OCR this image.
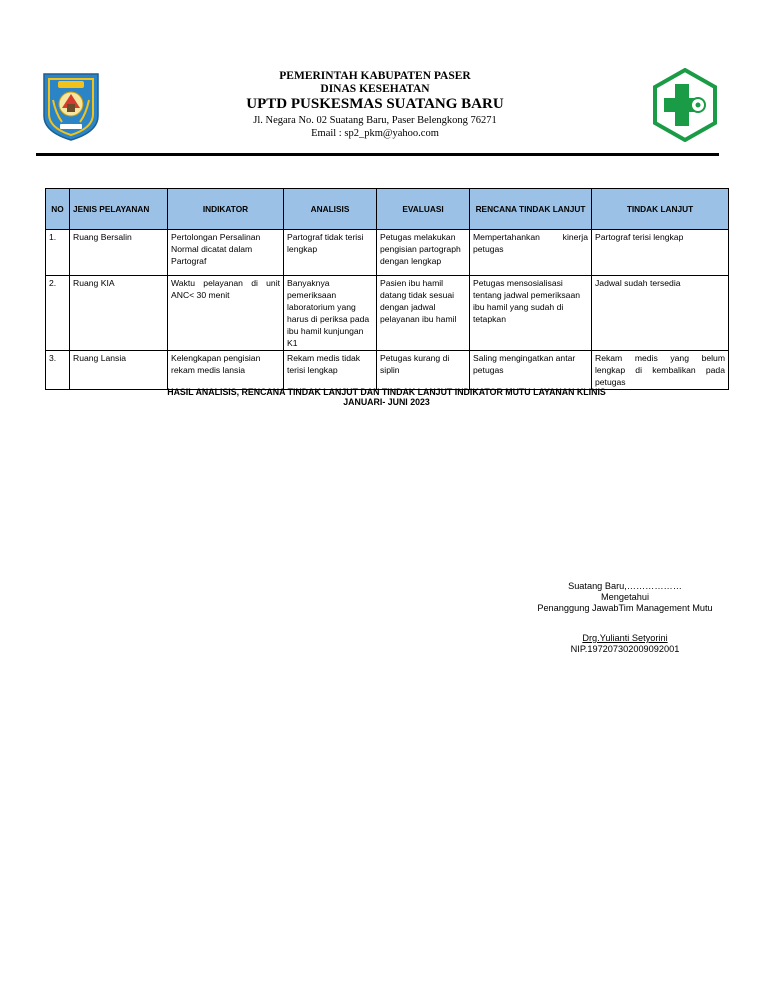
PEMERINTAH KABUPATEN PASER
DINAS KESEHATAN
UPTD PUSKESMAS SUATANG BARU
Jl. Negara No. 02 Suatang Baru, Paser Belengkong 76271
Email : sp2_pkm@yahoo.com
NO	JENIS PELAYANAN	INDIKATOR	ANALISIS	EVALUASI	RENCANA TINDAK LANJUT	TINDAK LANJUT
1.	Ruang Bersalin	Pertolongan Persalinan Normal dicatat dalam Partograf	Partograf tidak terisi lengkap	Petugas melakukan pengisian partograph dengan lengkap	Mempertahankan kinerja petugas	Partograf terisi lengkap
2.	Ruang KIA	Waktu pelayanan di unit ANC< 30 menit	Banyaknya pemeriksaan laboratorium yang harus di periksa pada ibu hamil kunjungan K1	Pasien ibu hamil datang tidak sesuai dengan jadwal pelayanan ibu hamil	Petugas mensosialisasi tentang jadwal pemeriksaan ibu hamil yang sudah di tetapkan	Jadwal sudah tersedia
3.	Ruang Lansia	Kelengkapan pengisian rekam medis lansia	Rekam medis tidak terisi lengkap	Petugas kurang di siplin	Saling mengingatkan antar petugas	Rekam medis yang belum lengkap di kembalikan pada petugas
HASIL ANALISIS, RENCANA TINDAK LANJUT DAN TINDAK LANJUT INDIKATOR MUTU LAYANAN KLINIS
JANUARI- JUNI 2023
Suatang Baru,………………
Mengetahui
Penanggung JawabTim Management Mutu
Drg.Yulianti Setyorini
NIP.197207302009092001
